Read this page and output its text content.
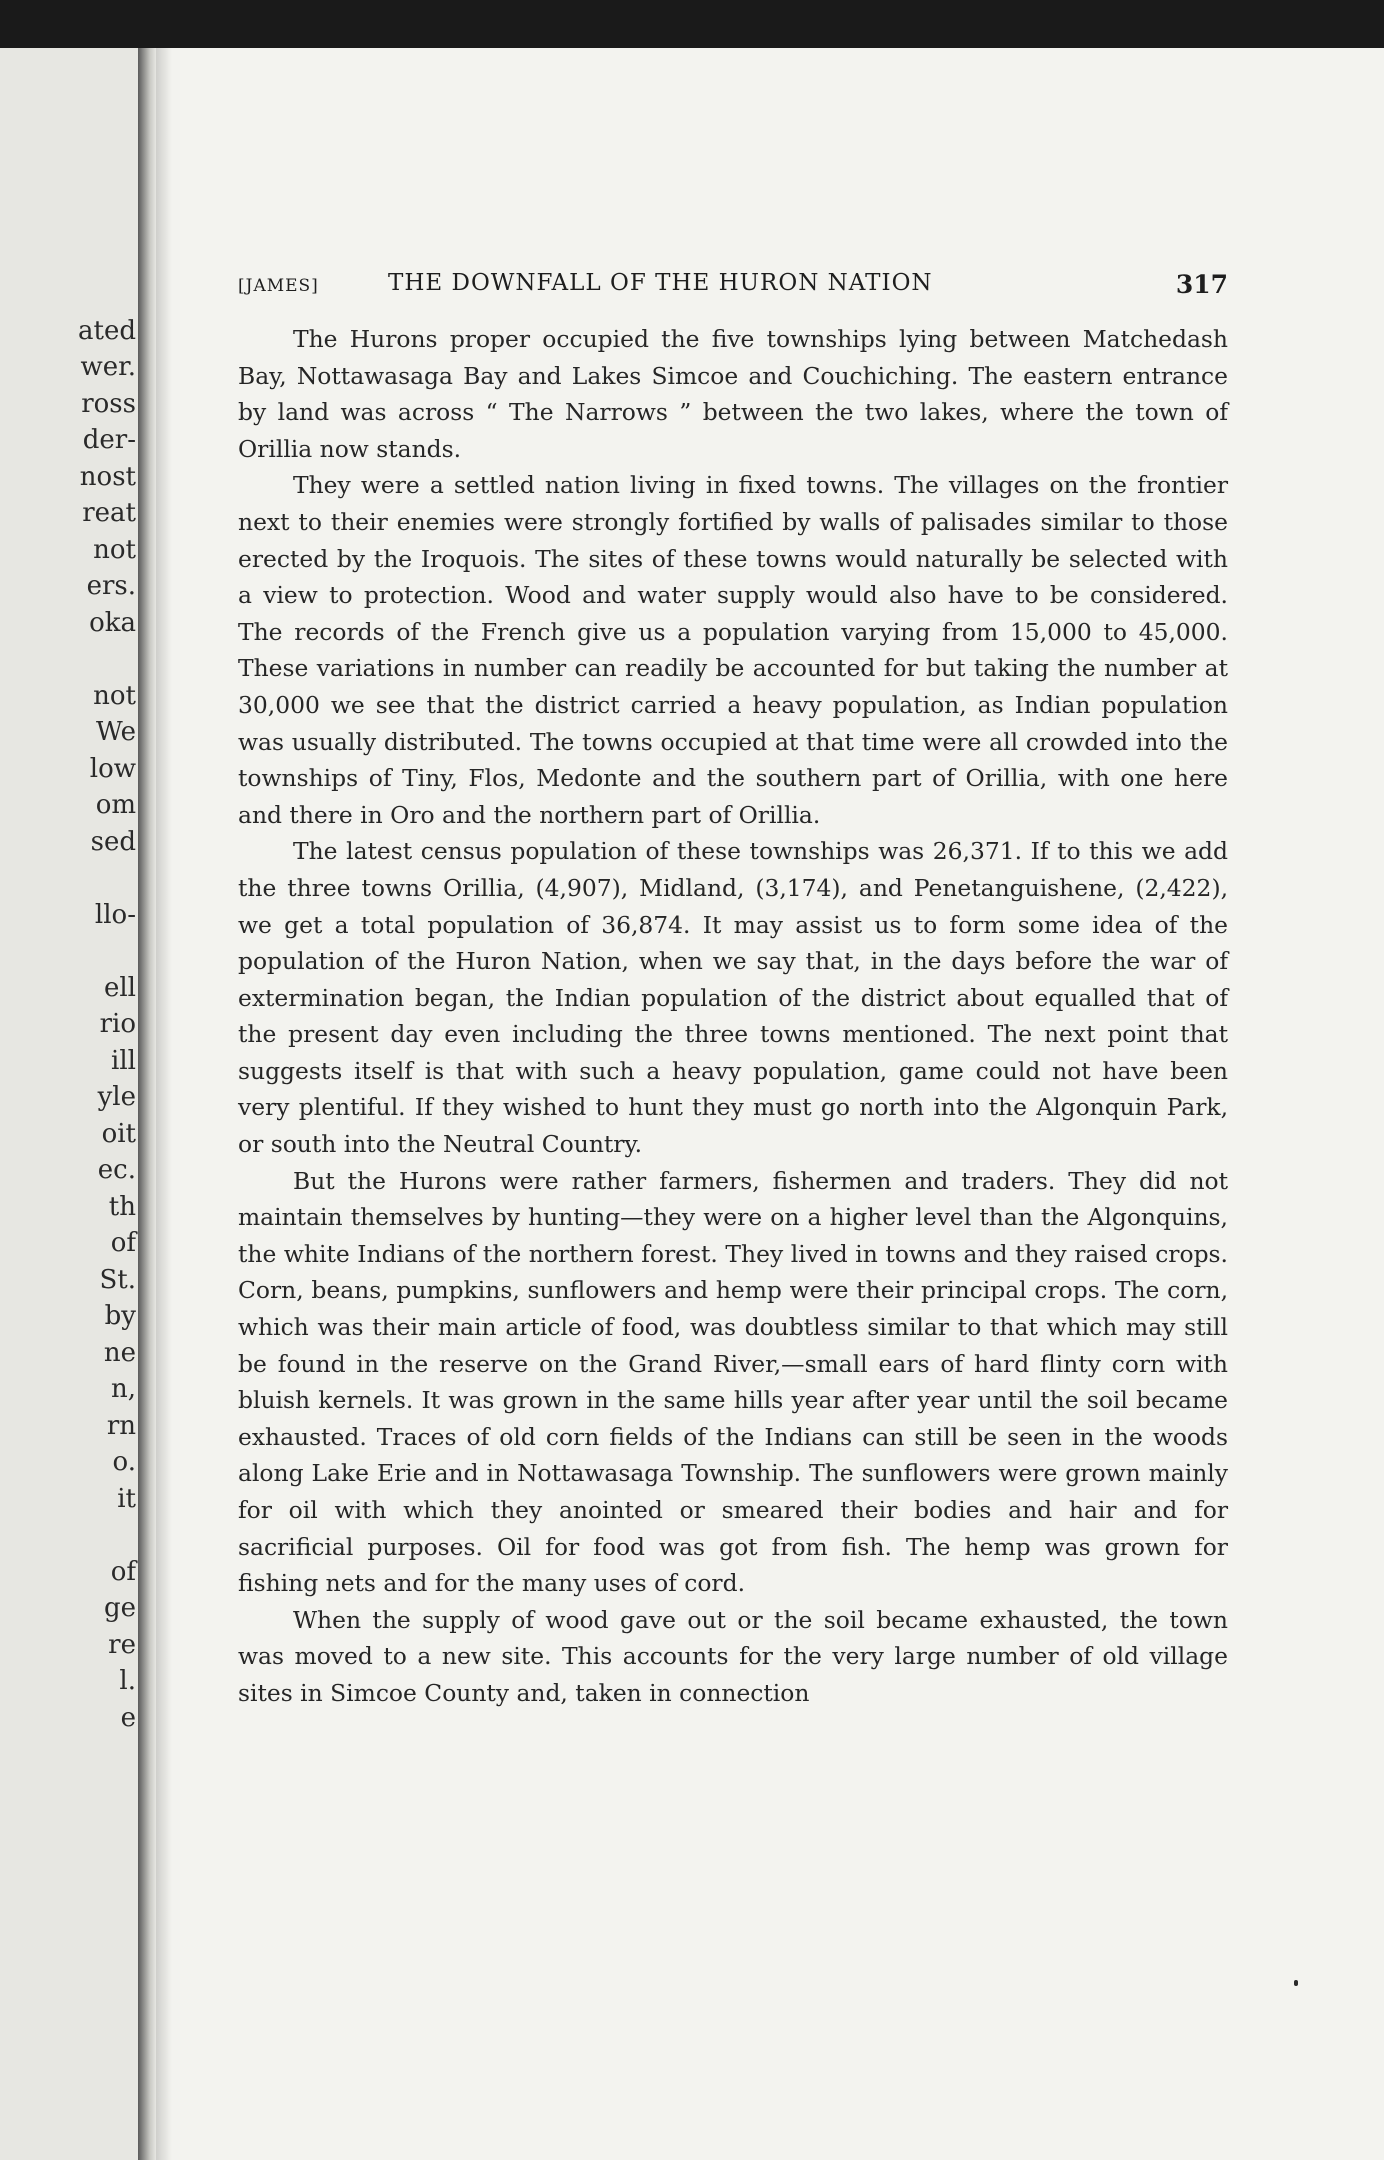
ated
wer.
ross
der-
nost
reat
not
ers.
oka
not
We
low
om
sed
llo-
ell
rio
ill
yle
oit
ec.
th
of
St.
by
ne
n,
rn
o.
it
of
ge
re
l.
e
[JAMES]	THE DOWNFALL OF THE HURON NATION	317

The Hurons proper occupied the five townships lying between Matchedash Bay, Nottawasaga Bay and Lakes Simcoe and Couchiching. The eastern entrance by land was across “ The Narrows ” between the two lakes, where the town of Orillia now stands.

They were a settled nation living in fixed towns. The villages on the frontier next to their enemies were strongly fortified by walls of palisades similar to those erected by the Iroquois. The sites of these towns would naturally be selected with a view to protection. Wood and water supply would also have to be considered. The records of the French give us a population varying from 15,000 to 45,000. These variations in number can readily be accounted for but taking the number at 30,000 we see that the district carried a heavy population, as Indian population was usually distributed. The towns occupied at that time were all crowded into the townships of Tiny, Flos, Medonte and the southern part of Orillia, with one here and there in Oro and the northern part of Orillia.

The latest census population of these townships was 26,371. If to this we add the three towns Orillia, (4,907), Midland, (3,174), and Penetanguishene, (2,422), we get a total population of 36,874. It may assist us to form some idea of the population of the Huron Nation, when we say that, in the days before the war of extermination began, the Indian population of the district about equalled that of the present day even including the three towns mentioned. The next point that suggests itself is that with such a heavy population, game could not have been very plentiful. If they wished to hunt they must go north into the Algonquin Park, or south into the Neutral Country.

But the Hurons were rather farmers, fishermen and traders. They did not maintain themselves by hunting—they were on a higher level than the Algonquins, the white Indians of the northern forest. They lived in towns and they raised crops. Corn, beans, pumpkins, sunflowers and hemp were their principal crops. The corn, which was their main article of food, was doubtless similar to that which may still be found in the reserve on the Grand River,—small ears of hard flinty corn with bluish kernels. It was grown in the same hills year after year until the soil became exhausted. Traces of old corn fields of the Indians can still be seen in the woods along Lake Erie and in Nottawasaga Township. The sunflowers were grown mainly for oil with which they anointed or smeared their bodies and hair and for sacrificial purposes. Oil for food was got from fish. The hemp was grown for fishing nets and for the many uses of cord.

When the supply of wood gave out or the soil became exhausted, the town was moved to a new site. This accounts for the very large number of old village sites in Simcoe County and, taken in connection
